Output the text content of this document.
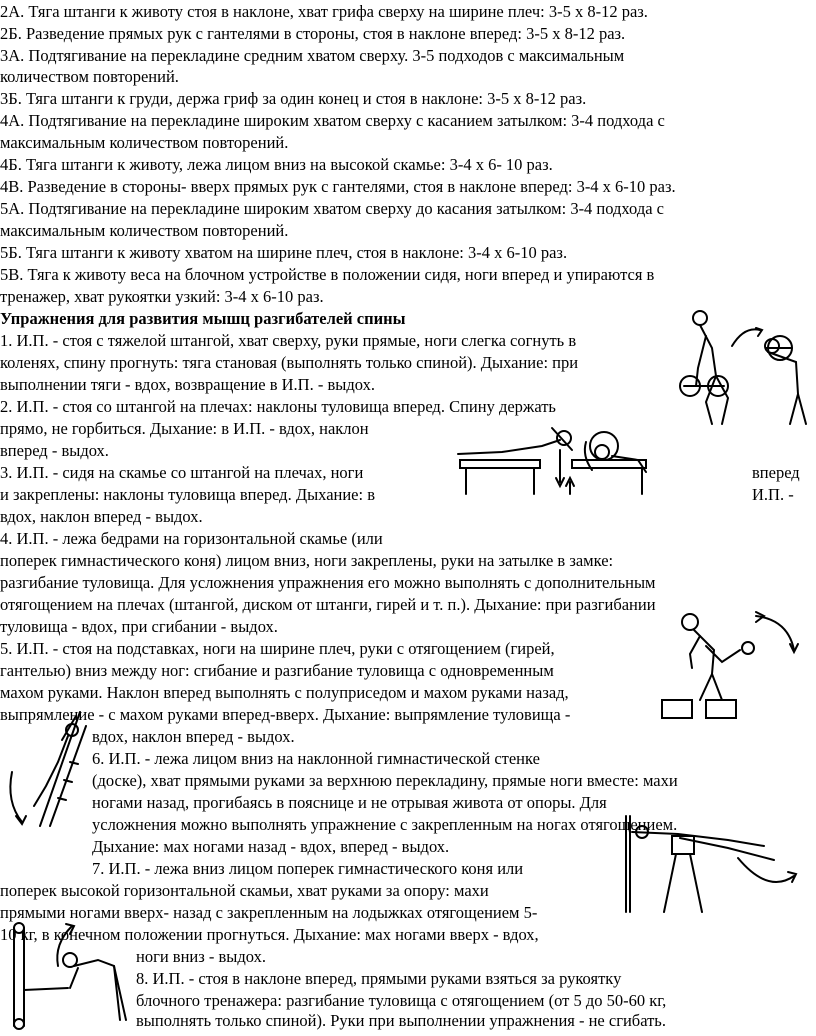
2А. Тяга штанги к животу стоя в наклоне, хват грифа сверху на ширине плеч: 3-5 х 8-12 раз.
2Б. Разведение прямых рук с гантелями в стороны, стоя в наклоне вперед: 3-5 х 8-12 раз.
3А. Подтягивание на перекладине средним хватом сверху. 3-5 подходов с максимальным
количеством повторений.
3Б. Тяга штанги к груди, держа гриф за один конец и стоя в наклоне: 3-5 х 8-12 раз.
4А. Подтягивание на перекладине широким хватом сверху с касанием затылком: 3-4 подхода с
максимальным количеством повторений.
4Б. Тяга штанги к животу, лежа лицом вниз на высокой скамье: 3-4 х 6- 10 раз.
4В. Разведение в стороны- вверх прямых рук с гантелями, стоя в наклоне вперед: 3-4 х 6-10 раз.
5А. Подтягивание на перекладине широким хватом сверху до касания затылком: 3-4 подхода с
максимальным количеством повторений.
5Б. Тяга штанги к животу хватом на ширине плеч, стоя в наклоне: 3-4 х 6-10 раз.
5В. Тяга к животу веса на блочном устройстве в положении сидя, ноги вперед и упираются в
тренажер, хват рукоятки узкий: 3-4 х 6-10 раз.
Упражнения для развития мышц разгибателей спины
1. И.П. - стоя с тяжелой штангой, хват сверху, руки прямые, ноги слегка согнуть в
коленях, спину прогнуть: тяга становая (выполнять только спиной). Дыхание: при
выполнении тяги - вдох, возвращение в И.П. - выдох.
2. И.П. - стоя со штангой на плечах: наклоны туловища вперед. Спину держать
прямо, не горбиться. Дыхание: в И.П. - вдох, наклон
вперед - выдох.
3. И.П. - сидя на скамье со штангой на плечах, ноги	вперед
и закреплены: наклоны туловища вперед. Дыхание: в	И.П. -
вдох, наклон вперед - выдох.
4. И.П. - лежа бедрами на горизонтальной скамье (или
поперек гимнастического коня) лицом вниз, ноги закреплены, руки на затылке в замке:
разгибание туловища. Для усложнения упражнения его можно выполнять с дополнительным
отягощением на плечах (штангой, диском от штанги, гирей и т. п.). Дыхание: при разгибании
туловища - вдох, при сгибании - выдох.
5. И.П. - стоя на подставках, ноги на ширине плеч, руки с отягощением (гирей,
гантелью) вниз между ног: сгибание и разгибание туловища с одновременным
махом руками. Наклон вперед выполнять с полуприседом и махом руками назад,
выпрямление - с махом руками вперед-вверх. Дыхание: выпрямление туловища -
вдох, наклон вперед - выдох.
6. И.П. - лежа лицом вниз на наклонной гимнастической стенке
(доске), хват прямыми руками за верхнюю перекладину, прямые ноги вместе: махи
ногами назад, прогибаясь в пояснице и не отрывая живота от опоры. Для
усложнения можно выполнять упражнение с закрепленным на ногах отягощением.
Дыхание: мах ногами назад - вдох, вперед - выдох.
7. И.П. - лежа вниз лицом поперек гимнастического коня или
поперек высокой горизонтальной скамьи, хват руками за опору: махи
прямыми ногами вверх- назад с закрепленным на лодыжках отягощением 5-
10 кг, в конечном положении прогнуться. Дыхание: мах ногами вверх - вдох,
ноги вниз - выдох.
8. И.П. - стоя в наклоне вперед, прямыми руками взяться за рукоятку
блочного тренажера: разгибание туловища с отягощением (от 5 до 50-60 кг,
выполнять только спиной). Руки при выполнении упражнения - не сгибать.
